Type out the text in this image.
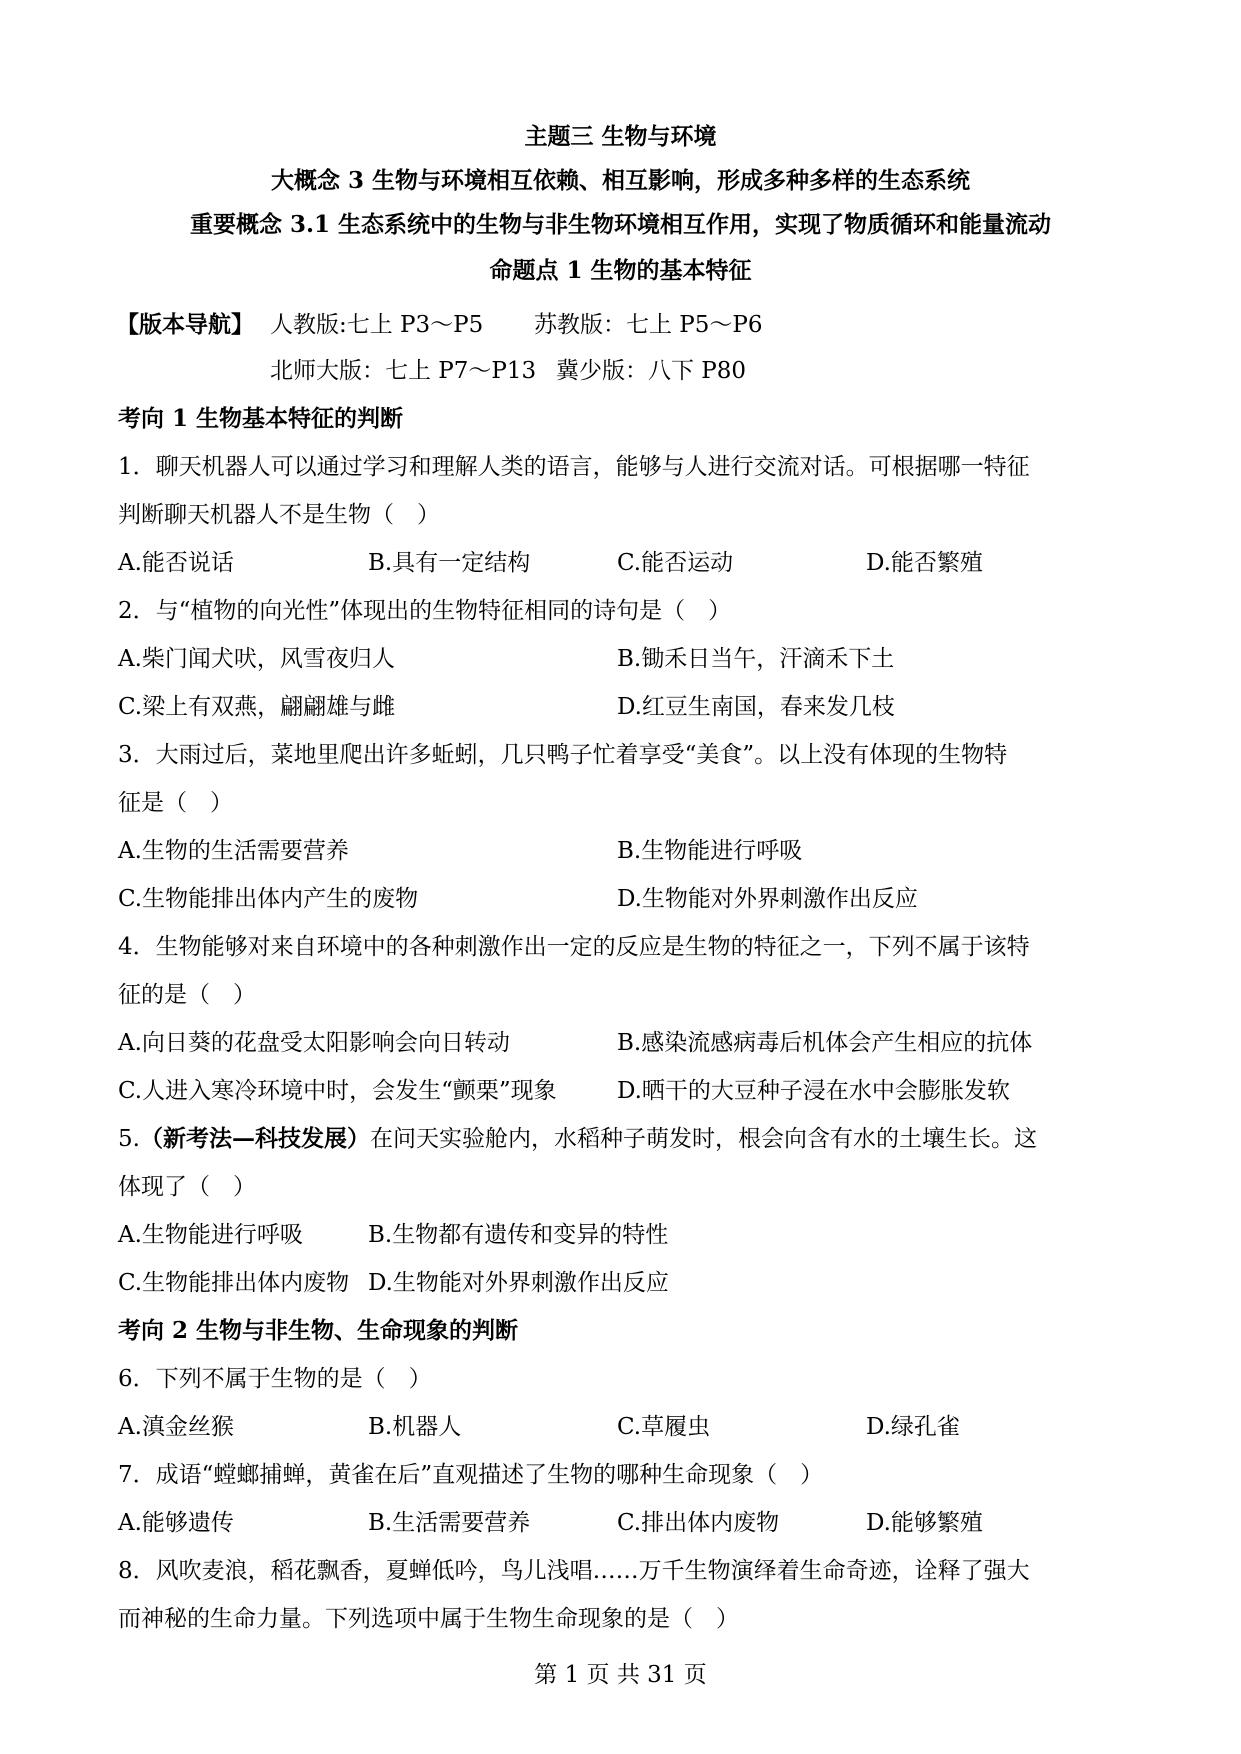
主题三 生物与环境
大概念 3 生物与环境相互依赖、相互影响，形成多种多样的生态系统
重要概念 3.1 生态系统中的生物与非生物环境相互作用，实现了物质循环和能量流动
命题点 1 生物的基本特征
【版本导航】 人教版:七上 P3～P5 苏教版：七上 P5～P6
北师大版：七上 P7～P13 冀少版：八下 P80
考向 1 生物基本特征的判断
1．聊天机器人可以通过学习和理解人类的语言，能够与人进行交流对话。可根据哪一特征
判断聊天机器人不是生物（　）
A.能否说话	B.具有一定结构	C.能否运动	D.能否繁殖
2．与“植物的向光性”体现出的生物特征相同的诗句是（　）
A.柴门闻犬吠，风雪夜归人	B.锄禾日当午，汗滴禾下土
C.梁上有双燕，翩翩雄与雌	D.红豆生南国，春来发几枝
3．大雨过后，菜地里爬出许多蚯蚓，几只鸭子忙着享受“美食”。以上没有体现的生物特
征是（　）
A.生物的生活需要营养	B.生物能进行呼吸
C.生物能排出体内产生的废物	D.生物能对外界刺激作出反应
4．生物能够对来自环境中的各种刺激作出一定的反应是生物的特征之一，下列不属于该特
征的是（　）
A.向日葵的花盘受太阳影响会向日转动	B.感染流感病毒后机体会产生相应的抗体
C.人进入寒冷环境中时，会发生“颤栗”现象	D.晒干的大豆种子浸在水中会膨胀发软
5.（新考法—科技发展）在问天实验舱内，水稻种子萌发时，根会向含有水的土壤生长。这
体现了（　）
A.生物能进行呼吸	B.生物都有遗传和变异的特性
C.生物能排出体内废物 D.生物能对外界刺激作出反应
考向 2 生物与非生物、生命现象的判断
6．下列不属于生物的是（　）
A.滇金丝猴	B.机器人	C.草履虫	D.绿孔雀
7．成语“螳螂捕蝉，黄雀在后”直观描述了生物的哪种生命现象（　）
A.能够遗传	B.生活需要营养	C.排出体内废物	D.能够繁殖
8．风吹麦浪，稻花飘香，夏蝉低吟，鸟儿浅唱……万千生物演绎着生命奇迹，诠释了强大
而神秘的生命力量。下列选项中属于生物生命现象的是（　）
第 1 页 共 31 页
